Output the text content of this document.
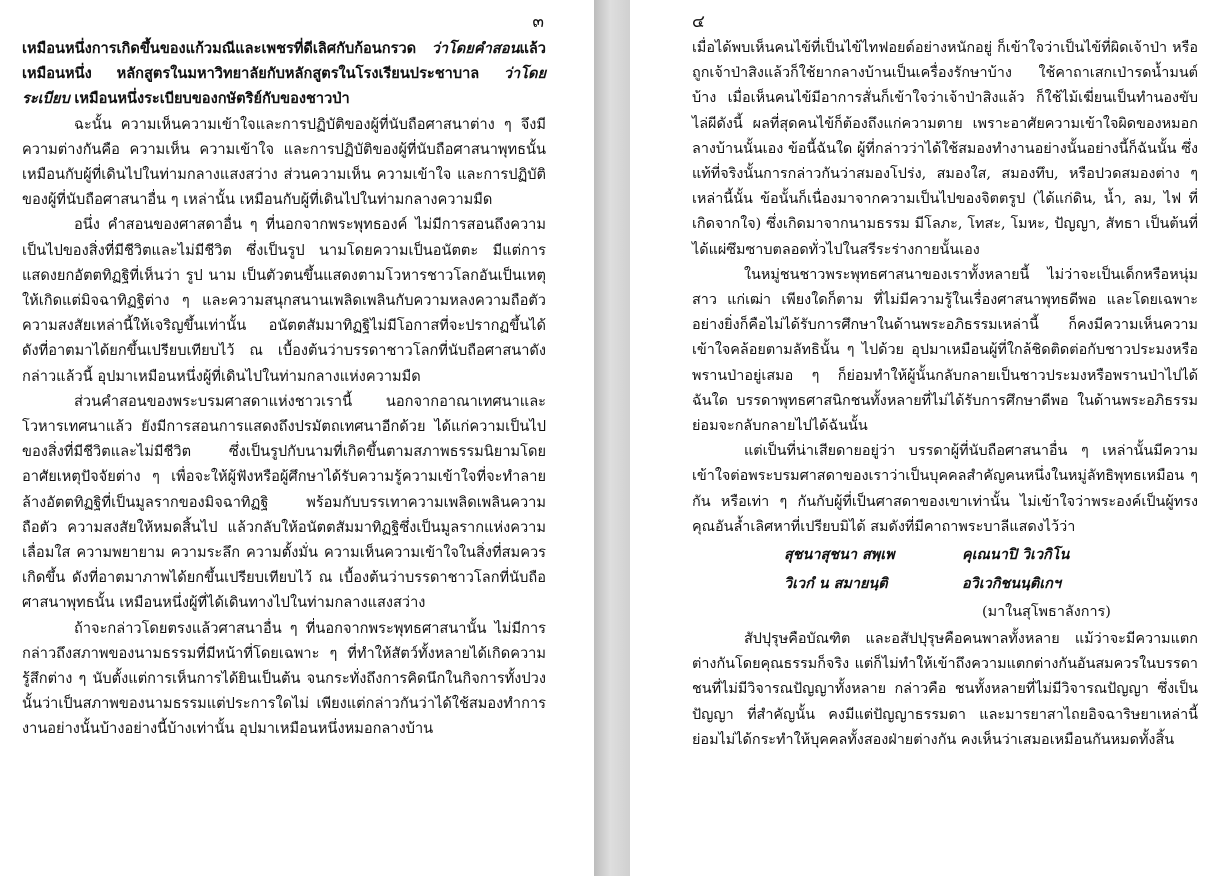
๓

เหมือนหนึ่งการเกิดขึ้นของแก้วมณีและเพชรที่ดีเลิศกับก้อนกรวด ว่าโดยคำสอนแล้วเหมือนหนึ่ง หลักสูตรในมหาวิทยาลัยกับหลักสูตรในโรงเรียนประชาบาล ว่าโดยระเบียบ เหมือนหนึ่งระเบียบของกษัตริย์กับของชาวป่า

ฉะนั้น ความเห็นความเข้าใจและการปฏิบัติของผู้ที่นับถือศาสนาต่าง ๆ จึงมีความต่างกันคือ ความเห็น ความเข้าใจ และการปฏิบัติของผู้ที่นับถือศาสนาพุทธนั้น เหมือนกับผู้ที่เดินไปในท่ามกลางแสงสว่าง ส่วนความเห็น ความเข้าใจ และการปฏิบัติของผู้ที่นับถือศาสนาอื่น ๆ เหล่านั้น เหมือนกับผู้ที่เดินไปในท่ามกลางความมืด

อนึ่ง คำสอนของศาสดาอื่น ๆ ที่นอกจากพระพุทธองค์ ไม่มีการสอนถึงความเป็นไปของสิ่งที่มีชีวิตและไม่มีชีวิต ซึ่งเป็นรูป นามโดยความเป็นอนัตตะ มีแต่การแสดงยกอัตตทิฏฐิที่เห็นว่า รูป นาม เป็นตัวตนขึ้นแสดงตามโวหารชาวโลกอันเป็นเหตุให้เกิดแต่มิจฉาทิฏฐิต่าง ๆ และความสนุกสนานเพลิดเพลินกับความหลงความถือตัว ความสงสัยเหล่านี้ให้เจริญขึ้นเท่านั้น อนัตตสัมมาทิฏฐิไม่มีโอกาสที่จะปรากฏขึ้นได้ ดังที่อาตมาได้ยกขึ้นเปรียบเทียบไว้ ณ เบื้องต้นว่าบรรดาชาวโลกที่นับถือศาสนาดังกล่าวแล้วนี้ อุปมาเหมือนหนึ่งผู้ที่เดินไปในท่ามกลางแห่งความมืด

ส่วนคำสอนของพระบรมศาสดาแห่งชาวเรานี้ นอกจากอาณาเทศนาและโวหารเทศนาแล้ว ยังมีการสอนการแสดงถึงปรมัตถเทศนาอีกด้วย ได้แก่ความเป็นไปของสิ่งที่มีชีวิตและไม่มีชีวิต ซึ่งเป็นรูปกับนามที่เกิดขึ้นตามสภาพธรรมนิยามโดยอาศัยเหตุปัจจัยต่าง ๆ เพื่อจะให้ผู้ฟังหรือผู้ศึกษาได้รับความรู้ความเข้าใจที่จะทำลายล้างอัตตทิฏฐิที่เป็นมูลรากของมิจฉาทิฏฐิ พร้อมกับบรรเทาความเพลิดเพลินความถือตัว ความสงสัยให้หมดสิ้นไป แล้วกลับให้อนัตตสัมมาทิฏฐิซึ่งเป็นมูลรากแห่งความเลื่อมใส ความพยายาม ความระลึก ความตั้งมั่น ความเห็นความเข้าใจในสิ่งที่สมควรเกิดขึ้น ดังที่อาตมาภาพได้ยกขึ้นเปรียบเทียบไว้ ณ เบื้องต้นว่าบรรดาชาวโลกที่นับถือศาสนาพุทธนั้น เหมือนหนึ่งผู้ที่ได้เดินทางไปในท่ามกลางแสงสว่าง

ถ้าจะกล่าวโดยตรงแล้วศาสนาอื่น ๆ ที่นอกจากพระพุทธศาสนานั้น ไม่มีการกล่าวถึงสภาพของนามธรรมที่มีหน้าที่โดยเฉพาะ ๆ ที่ทำให้สัตว์ทั้งหลายได้เกิดความรู้สึกต่าง ๆ นับตั้งแต่การเห็นการได้ยินเป็นต้น จนกระทั่งถึงการคิดนึกในกิจการทั้งปวงนั้นว่าเป็นสภาพของนามธรรมแต่ประการใดไม่ เพียงแต่กล่าวกันว่าได้ใช้สมองทำการงานอย่างนั้นบ้างอย่างนี้บ้างเท่านั้น อุปมาเหมือนหนึ่งหมอกลางบ้าน

๔

เมื่อได้พบเห็นคนไข้ที่เป็นไข้ไทฟอยด์อย่างหนักอยู่ ก็เข้าใจว่าเป็นไข้ที่ผิดเจ้าป่า หรือถูกเจ้าป่าสิงแล้วก็ใช้ยากลางบ้านเป็นเครื่องรักษาบ้าง ใช้คาถาเสกเป่ารดน้ำมนต์บ้าง เมื่อเห็นคนไข้มีอาการสั่นก็เข้าใจว่าเจ้าป่าสิงแล้ว ก็ใช้ไม้เฆี่ยนเป็นทำนองขับไล่ผีดังนี้ ผลที่สุดคนไข้ก็ต้องถึงแก่ความตาย เพราะอาศัยความเข้าใจผิดของหมอกลางบ้านนั้นเอง ข้อนี้ฉันใด ผู้ที่กล่าวว่าได้ใช้สมองทำงานอย่างนั้นอย่างนี้ก็ฉันนั้น ซึ่งแท้ที่จริงนั้นการกล่าวกันว่าสมองโปร่ง, สมองใส, สมองทึบ, หรือปวดสมองต่าง ๆ เหล่านี้นั้น ข้อนั้นก็เนื่องมาจากความเป็นไปของจิตตรูป (ได้แก่ดิน, น้ำ, ลม, ไฟ ที่เกิดจากใจ) ซึ่งเกิดมาจากนามธรรม มีโลภะ, โทสะ, โมหะ, ปัญญา, สัทธา เป็นต้นที่ได้แผ่ซึมซาบตลอดทั่วไปในสรีระร่างกายนั้นเอง

ในหมู่ชนชาวพระพุทธศาสนาของเราทั้งหลายนี้ ไม่ว่าจะเป็นเด็กหรือหนุ่มสาว แก่เฒ่า เพียงใดก็ตาม ที่ไม่มีความรู้ในเรื่องศาสนาพุทธดีพอ และโดยเฉพาะอย่างยิ่งก็คือไม่ได้รับการศึกษาในด้านพระอภิธรรมเหล่านี้ ก็คงมีความเห็นความเข้าใจคล้อยตามลัทธินั้น ๆ ไปด้วย อุปมาเหมือนผู้ที่ใกล้ชิดติดต่อกับชาวประมงหรือพรานป่าอยู่เสมอ ๆ ก็ย่อมทำให้ผู้นั้นกลับกลายเป็นชาวประมงหรือพรานป่าไปได้ ฉันใด บรรดาพุทธศาสนิกชนทั้งหลายที่ไม่ได้รับการศึกษาดีพอ ในด้านพระอภิธรรมย่อมจะกลับกลายไปได้ฉันนั้น

แต่เป็นที่น่าเสียดายอยู่ว่า บรรดาผู้ที่นับถือศาสนาอื่น ๆ เหล่านั้นมีความเข้าใจต่อพระบรมศาสดาของเราว่าเป็นบุคคลสำคัญคนหนึ่งในหมู่ลัทธิพุทธเหมือน ๆ กัน หรือเท่า ๆ กันกับผู้ที่เป็นศาสดาของเขาเท่านั้น ไม่เข้าใจว่าพระองค์เป็นผู้ทรงคุณอันล้ำเลิศหาที่เปรียบมิได้ สมดังที่มีคาถาพระบาลีแสดงไว้ว่า

สุชนาสุชนา สพฺเพ	คุเณนาปิ วิเวกิโน
วิเวกํ น สมายนฺติ	อวิเวกิชนนฺติเกฯ

(มาในสุโพธาลังการ)

สัปปุรุษคือบัณฑิต และอสัปปุรุษคือคนพาลทั้งหลาย แม้ว่าจะมีความแตกต่างกันโดยคุณธรรมก็จริง แต่ก็ไม่ทำให้เข้าถึงความแตกต่างกันอันสมควรในบรรดาชนที่ไม่มีวิจารณปัญญาทั้งหลาย กล่าวคือ ชนทั้งหลายที่ไม่มีวิจารณปัญญา ซึ่งเป็นปัญญา ที่สำคัญนั้น คงมีแต่ปัญญาธรรมดา และมารยาสาไถยอิจฉาริษยาเหล่านี้ ย่อมไม่ได้กระทำให้บุคคลทั้งสองฝ่ายต่างกัน คงเห็นว่าเสมอเหมือนกันหมดทั้งสิ้น
